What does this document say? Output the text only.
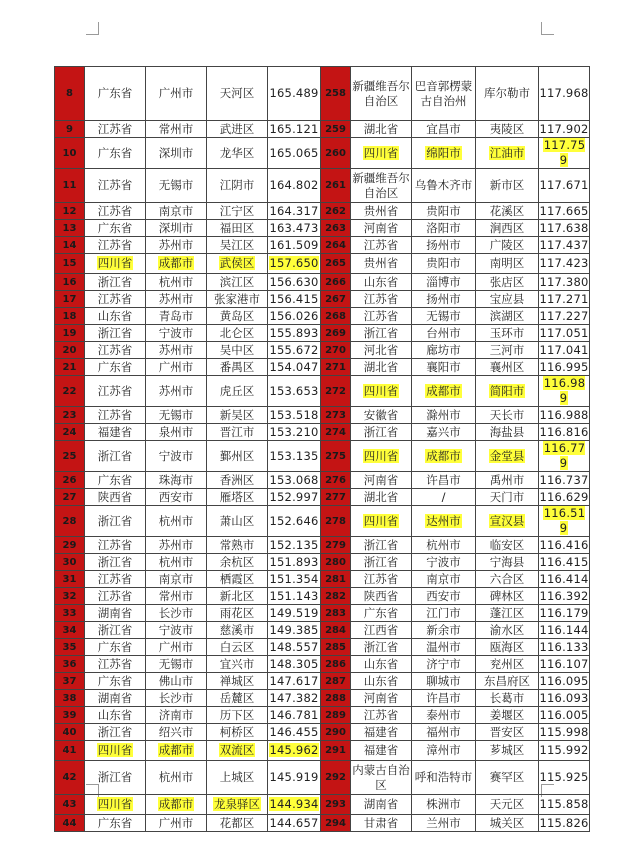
8	广东省	广州市	天河区	165.489	258	新疆维吾尔自治区	巴音郭楞蒙古自治州	库尔勒市	117.968
9	江苏省	常州市	武进区	165.121	259	湖北省	宜昌市	夷陵区	117.902
10	广东省	深圳市	龙华区	165.065	260	四川省	绵阳市	江油市	117.759
11	江苏省	无锡市	江阴市	164.802	261	新疆维吾尔自治区	乌鲁木齐市	新市区	117.671
12	江苏省	南京市	江宁区	164.317	262	贵州省	贵阳市	花溪区	117.665
13	广东省	深圳市	福田区	163.473	263	河南省	洛阳市	涧西区	117.638
14	江苏省	苏州市	吴江区	161.509	264	江苏省	扬州市	广陵区	117.437
15	四川省	成都市	武侯区	157.650	265	贵州省	贵阳市	南明区	117.423
16	浙江省	杭州市	滨江区	156.630	266	山东省	淄博市	张店区	117.380
17	江苏省	苏州市	张家港市	156.415	267	江苏省	扬州市	宝应县	117.271
18	山东省	青岛市	黄岛区	156.026	268	江苏省	无锡市	滨湖区	117.227
19	浙江省	宁波市	北仑区	155.893	269	浙江省	台州市	玉环市	117.051
20	江苏省	苏州市	吴中区	155.672	270	河北省	廊坊市	三河市	117.041
21	广东省	广州市	番禺区	154.047	271	湖北省	襄阳市	襄州区	116.995
22	江苏省	苏州市	虎丘区	153.653	272	四川省	成都市	简阳市	116.989
23	江苏省	无锡市	新吴区	153.518	273	安徽省	滁州市	天长市	116.988
24	福建省	泉州市	晋江市	153.210	274	浙江省	嘉兴市	海盐县	116.816
25	浙江省	宁波市	鄞州区	153.135	275	四川省	成都市	金堂县	116.779
26	广东省	珠海市	香洲区	153.068	276	河南省	许昌市	禹州市	116.737
27	陕西省	西安市	雁塔区	152.997	277	湖北省	/	天门市	116.629
28	浙江省	杭州市	萧山区	152.646	278	四川省	达州市	宣汉县	116.519
29	江苏省	苏州市	常熟市	152.135	279	浙江省	杭州市	临安区	116.416
30	浙江省	杭州市	余杭区	151.893	280	浙江省	宁波市	宁海县	116.415
31	江苏省	南京市	栖霞区	151.354	281	江苏省	南京市	六合区	116.414
32	江苏省	常州市	新北区	151.143	282	陕西省	西安市	碑林区	116.392
33	湖南省	长沙市	雨花区	149.519	283	广东省	江门市	蓬江区	116.179
34	浙江省	宁波市	慈溪市	149.385	284	江西省	新余市	渝水区	116.144
35	广东省	广州市	白云区	148.557	285	浙江省	温州市	瓯海区	116.133
36	江苏省	无锡市	宜兴市	148.305	286	山东省	济宁市	兖州区	116.107
37	广东省	佛山市	禅城区	147.617	287	山东省	聊城市	东昌府区	116.095
38	湖南省	长沙市	岳麓区	147.382	288	河南省	许昌市	长葛市	116.093
39	山东省	济南市	历下区	146.781	289	江苏省	泰州市	姜堰区	116.005
40	浙江省	绍兴市	柯桥区	146.455	290	福建省	福州市	晋安区	115.998
41	四川省	成都市	双流区	145.962	291	福建省	漳州市	芗城区	115.992
42	浙江省	杭州市	上城区	145.919	292	内蒙古自治区	呼和浩特市	赛罕区	115.925
43	四川省	成都市	龙泉驿区	144.934	293	湖南省	株洲市	天元区	115.858
44	广东省	广州市	花都区	144.657	294	甘肃省	兰州市	城关区	115.826
